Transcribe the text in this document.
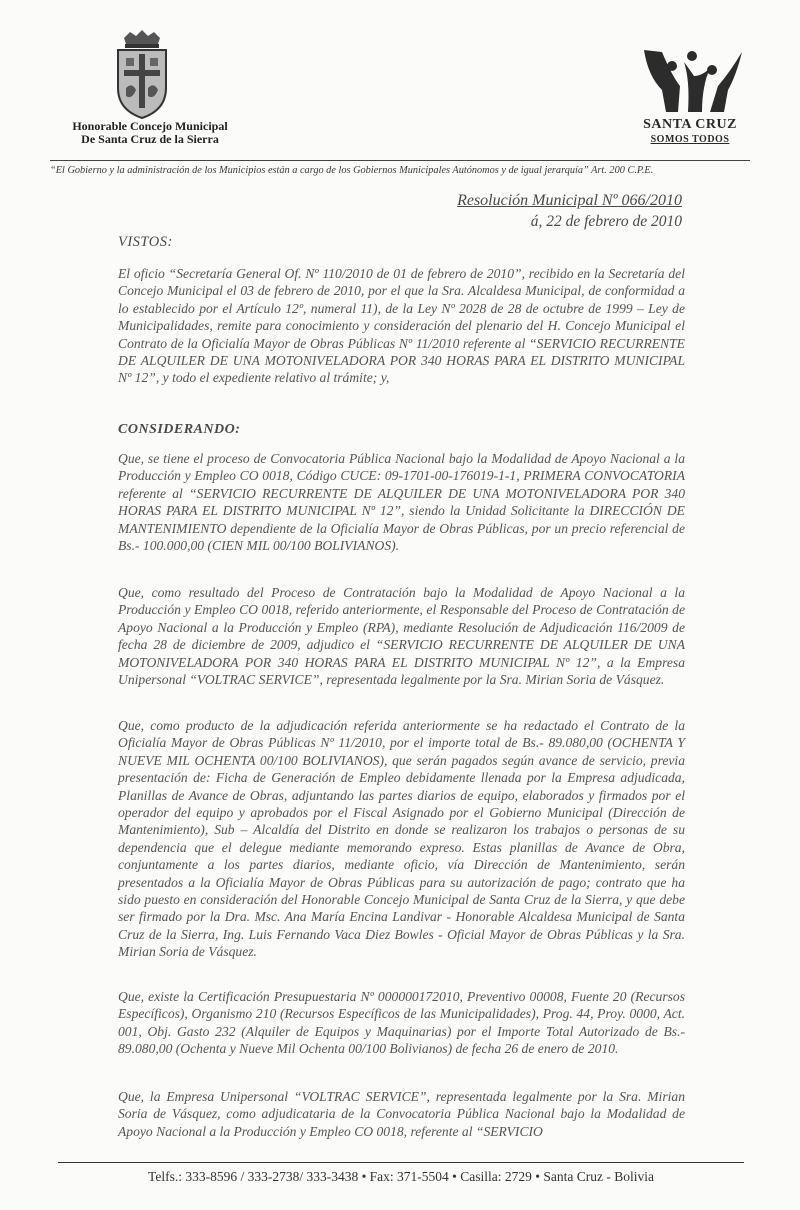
Honorable Concejo Municipal
De Santa Cruz de la Sierra
SANTA CRUZ
SOMOS TODOS
“El Gobierno y la administración de los Municipios están a cargo de los Gobiernos Municipales Autónomos y de igual jerarquía” Art. 200 C.P.E.
Resolución Municipal Nº 066/2010
á, 22 de febrero de 2010
VISTOS:
El oficio “Secretaría General Of. Nº 110/2010 de 01 de febrero de 2010”, recibido en la Secretaría del Concejo Municipal el 03 de febrero de 2010, por el que la Sra. Alcaldesa Municipal, de conformidad a lo establecido por el Artículo 12º, numeral 11), de la Ley Nº 2028 de 28 de octubre de 1999 – Ley de Municipalidades, remite para conocimiento y consideración del plenario del H. Concejo Municipal el Contrato de la Oficialía Mayor de Obras Públicas Nº 11/2010 referente al “SERVICIO RECURRENTE DE ALQUILER DE UNA MOTONIVELADORA POR 340 HORAS PARA EL DISTRITO MUNICIPAL Nº 12”, y todo el expediente relativo al trámite; y,
CONSIDERANDO:
Que, se tiene el proceso de Convocatoria Pública Nacional bajo la Modalidad de Apoyo Nacional a la Producción y Empleo CO 0018, Código CUCE: 09-1701-00-176019-1-1, PRIMERA CONVOCATORIA referente al “SERVICIO RECURRENTE DE ALQUILER DE UNA MOTONIVELADORA POR 340 HORAS PARA EL DISTRITO MUNICIPAL Nº 12”, siendo la Unidad Solicitante la DIRECCIÓN DE MANTENIMIENTO dependiente de la Oficialía Mayor de Obras Públicas, por un precio referencial de Bs.- 100.000,00 (CIEN MIL 00/100 BOLIVIANOS).
Que, como resultado del Proceso de Contratación bajo la Modalidad de Apoyo Nacional a la Producción y Empleo CO 0018, referido anteriormente, el Responsable del Proceso de Contratación de Apoyo Nacional a la Producción y Empleo (RPA), mediante Resolución de Adjudicación 116/2009 de fecha 28 de diciembre de 2009, adjudico el “SERVICIO RECURRENTE DE ALQUILER DE UNA MOTONIVELADORA POR 340 HORAS PARA EL DISTRITO MUNICIPAL Nº 12”, a la Empresa Unipersonal “VOLTRAC SERVICE”, representada legalmente por la Sra. Mirian Soria de Vásquez.
Que, como producto de la adjudicación referida anteriormente se ha redactado el Contrato de la Oficialía Mayor de Obras Públicas Nº 11/2010, por el importe total de Bs.- 89.080,00 (OCHENTA Y NUEVE MIL OCHENTA 00/100 BOLIVIANOS), que serán pagados según avance de servicio, previa presentación de: Ficha de Generación de Empleo debidamente llenada por la Empresa adjudicada, Planillas de Avance de Obras, adjuntando las partes diarios de equipo, elaborados y firmados por el operador del equipo y aprobados por el Fiscal Asignado por el Gobierno Municipal (Dirección de Mantenimiento), Sub – Alcaldía del Distrito en donde se realizaron los trabajos o personas de su dependencia que el delegue mediante memorando expreso. Estas planillas de Avance de Obra, conjuntamente a los partes diarios, mediante oficio, vía Dirección de Mantenimiento, serán presentados a la Oficialía Mayor de Obras Públicas para su autorización de pago; contrato que ha sido puesto en consideración del Honorable Concejo Municipal de Santa Cruz de la Sierra, y que debe ser firmado por la Dra. Msc. Ana María Encina Landivar - Honorable Alcaldesa Municipal de Santa Cruz de la Sierra, Ing. Luis Fernando Vaca Diez Bowles - Oficial Mayor de Obras Públicas y la Sra. Mirian Soria de Vásquez.
Que, existe la Certificación Presupuestaria Nº 000000172010, Preventivo 00008, Fuente 20 (Recursos Específicos), Organismo 210 (Recursos Específicos de las Municipalidades), Prog. 44, Proy. 0000, Act. 001, Obj. Gasto 232 (Alquiler de Equipos y Maquinarias) por el Importe Total Autorizado de Bs.- 89.080,00 (Ochenta y Nueve Mil Ochenta 00/100 Bolivianos) de fecha 26 de enero de 2010.
Que, la Empresa Unipersonal “VOLTRAC SERVICE”, representada legalmente por la Sra. Mirian Soria de Vásquez, como adjudicataria de la Convocatoria Pública Nacional bajo la Modalidad de Apoyo Nacional a la Producción y Empleo CO 0018, referente al “SERVICIO
Telfs.: 333-8596 / 333-2738/ 333-3438 • Fax: 371-5504 • Casilla: 2729 • Santa Cruz - Bolivia
